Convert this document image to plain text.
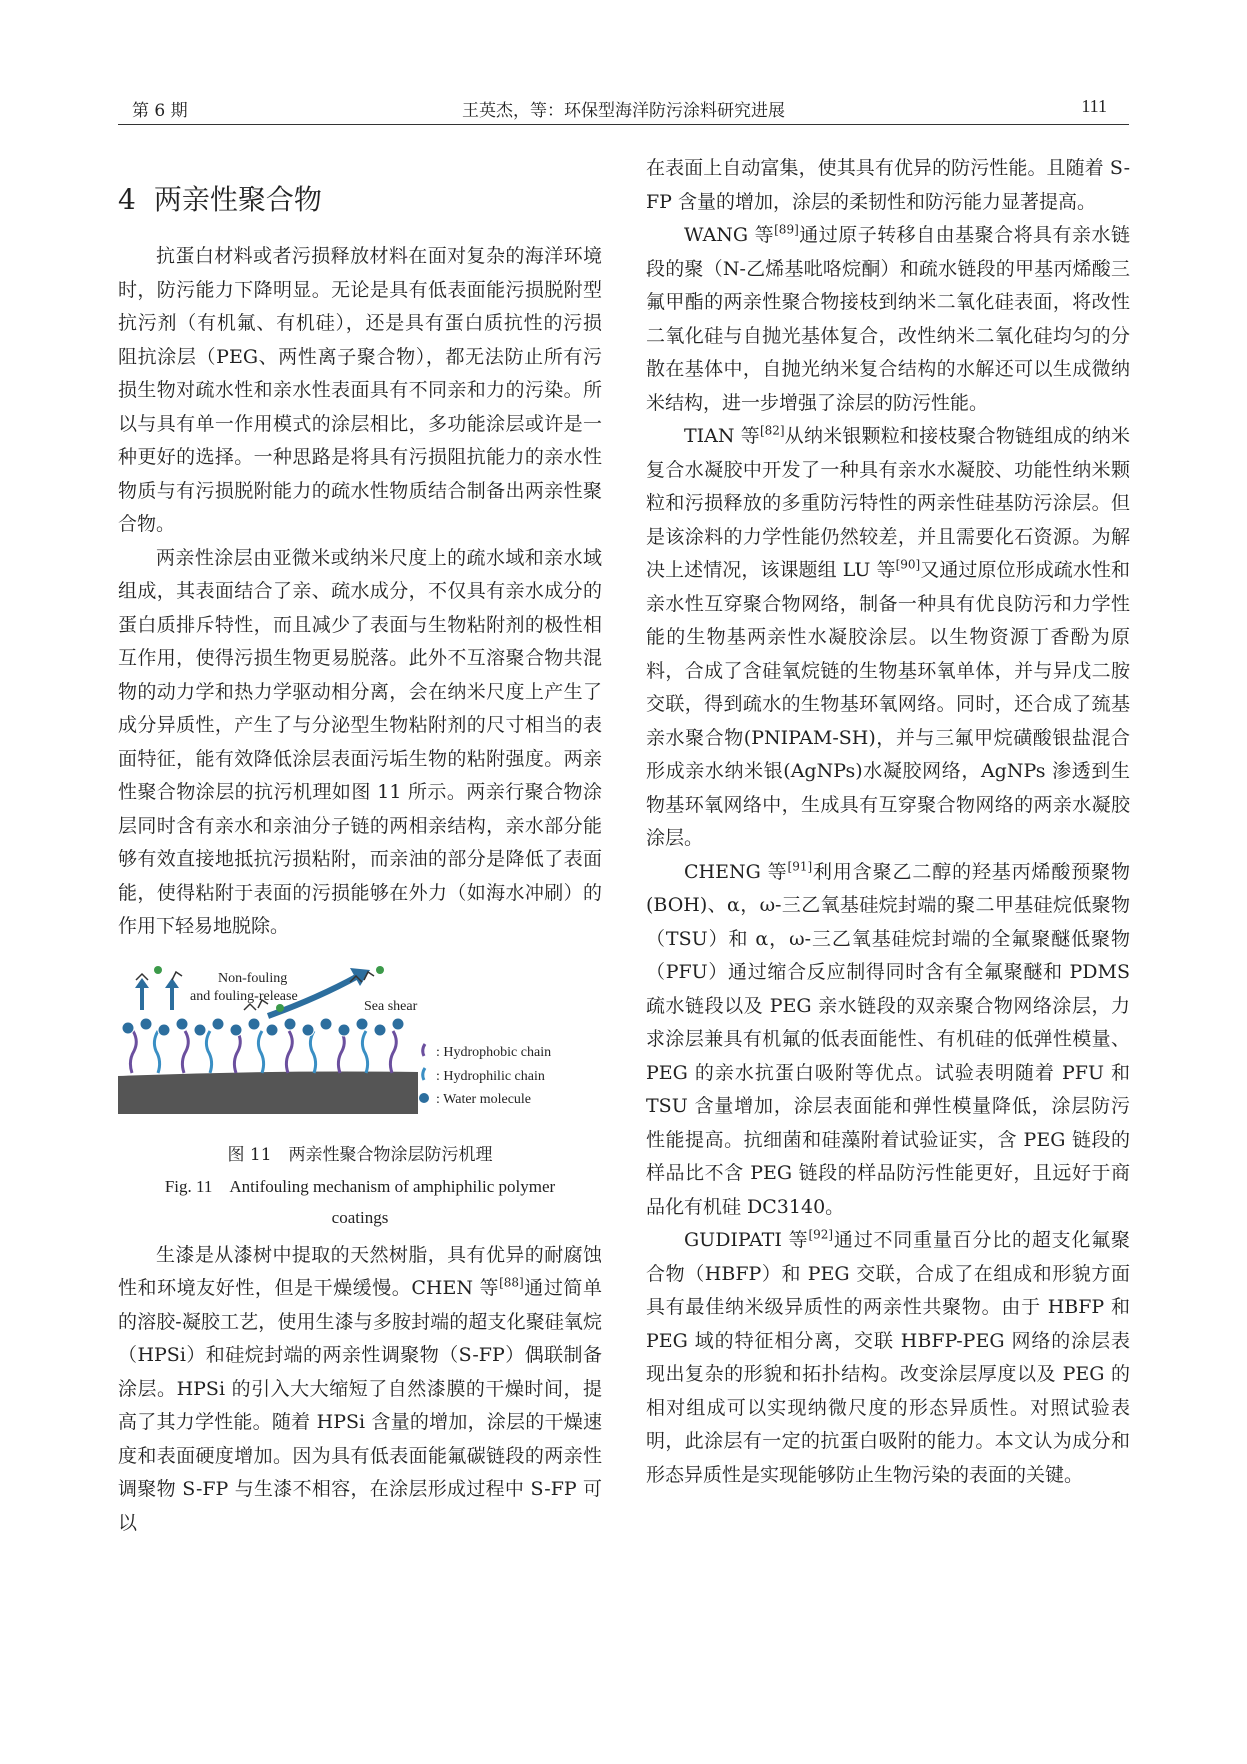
第 6 期	王英杰，等：环保型海洋防污涂料研究进展	111
4 两亲性聚合物

抗蛋白材料或者污损释放材料在面对复杂的海洋环境时，防污能力下降明显。无论是具有低表面能污损脱附型抗污剂（有机氟、有机硅），还是具有蛋白质抗性的污损阻抗涂层（PEG、两性离子聚合物），都无法防止所有污损生物对疏水性和亲水性表面具有不同亲和力的污染。所以与具有单一作用模式的涂层相比，多功能涂层或许是一种更好的选择。一种思路是将具有污损阻抗能力的亲水性物质与有污损脱附能力的疏水性物质结合制备出两亲性聚合物。

两亲性涂层由亚微米或纳米尺度上的疏水域和亲水域组成，其表面结合了亲、疏水成分，不仅具有亲水成分的蛋白质排斥特性，而且减少了表面与生物粘附剂的极性相互作用，使得污损生物更易脱落。此外不互溶聚合物共混物的动力学和热力学驱动相分离，会在纳米尺度上产生了成分异质性，产生了与分泌型生物粘附剂的尺寸相当的表面特征，能有效降低涂层表面污垢生物的粘附强度。两亲性聚合物涂层的抗污机理如图 11 所示。两亲行聚合物涂层同时含有亲水和亲油分子链的两相亲结构，亲水部分能够有效直接地抵抗污损粘附，而亲油的部分是降低了表面能，使得粘附于表面的污损能够在外力（如海水冲刷）的作用下轻易地脱除。

Non-fouling
and fouling-release
Sea shear
: Hydrophobic chain
: Hydrophilic chain
: Water molecule
图 11　两亲性聚合物涂层防污机理
Fig. 11　Antifouling mechanism of amphiphilic polymer
coatings

生漆是从漆树中提取的天然树脂，具有优异的耐腐蚀性和环境友好性，但是干燥缓慢。CHEN 等[88]通过简单的溶胶-凝胶工艺，使用生漆与多胺封端的超支化聚硅氧烷（HPSi）和硅烷封端的两亲性调聚物（S-FP）偶联制备涂层。HPSi 的引入大大缩短了自然漆膜的干燥时间，提高了其力学性能。随着 HPSi 含量的增加，涂层的干燥速度和表面硬度增加。因为具有低表面能氟碳链段的两亲性调聚物 S-FP 与生漆不相容，在涂层形成过程中 S-FP 可以

在表面上自动富集，使其具有优异的防污性能。且随着 S-FP 含量的增加，涂层的柔韧性和防污能力显著提高。

WANG 等[89]通过原子转移自由基聚合将具有亲水链段的聚（N-乙烯基吡咯烷酮）和疏水链段的甲基丙烯酸三氟甲酯的两亲性聚合物接枝到纳米二氧化硅表面，将改性二氧化硅与自抛光基体复合，改性纳米二氧化硅均匀的分散在基体中，自抛光纳米复合结构的水解还可以生成微纳米结构，进一步增强了涂层的防污性能。

TIAN 等[82]从纳米银颗粒和接枝聚合物链组成的纳米复合水凝胶中开发了一种具有亲水水凝胶、功能性纳米颗粒和污损释放的多重防污特性的两亲性硅基防污涂层。但是该涂料的力学性能仍然较差，并且需要化石资源。为解决上述情况，该课题组 LU 等[90]又通过原位形成疏水性和亲水性互穿聚合物网络，制备一种具有优良防污和力学性能的生物基两亲性水凝胶涂层。以生物资源丁香酚为原料，合成了含硅氧烷链的生物基环氧单体，并与异戊二胺交联，得到疏水的生物基环氧网络。同时，还合成了巯基亲水聚合物(PNIPAM-SH)，并与三氟甲烷磺酸银盐混合形成亲水纳米银(AgNPs)水凝胶网络，AgNPs 渗透到生物基环氧网络中，生成具有互穿聚合物网络的两亲水凝胶涂层。

CHENG 等[91]利用含聚乙二醇的羟基丙烯酸预聚物(BOH)、α，ω-三乙氧基硅烷封端的聚二甲基硅烷低聚物（TSU）和 α，ω-三乙氧基硅烷封端的全氟聚醚低聚物（PFU）通过缩合反应制得同时含有全氟聚醚和 PDMS 疏水链段以及 PEG 亲水链段的双亲聚合物网络涂层，力求涂层兼具有机氟的低表面能性、有机硅的低弹性模量、PEG 的亲水抗蛋白吸附等优点。试验表明随着 PFU 和 TSU 含量增加，涂层表面能和弹性模量降低，涂层防污性能提高。抗细菌和硅藻附着试验证实，含 PEG 链段的样品比不含 PEG 链段的样品防污性能更好，且远好于商品化有机硅 DC3140。

GUDIPATI 等[92]通过不同重量百分比的超支化氟聚合物（HBFP）和 PEG 交联，合成了在组成和形貌方面具有最佳纳米级异质性的两亲性共聚物。由于 HBFP 和 PEG 域的特征相分离，交联 HBFP-PEG 网络的涂层表现出复杂的形貌和拓扑结构。改变涂层厚度以及 PEG 的相对组成可以实现纳微尺度的形态异质性。对照试验表明，此涂层有一定的抗蛋白吸附的能力。本文认为成分和形态异质性是实现能够防止生物污染的表面的关键。
